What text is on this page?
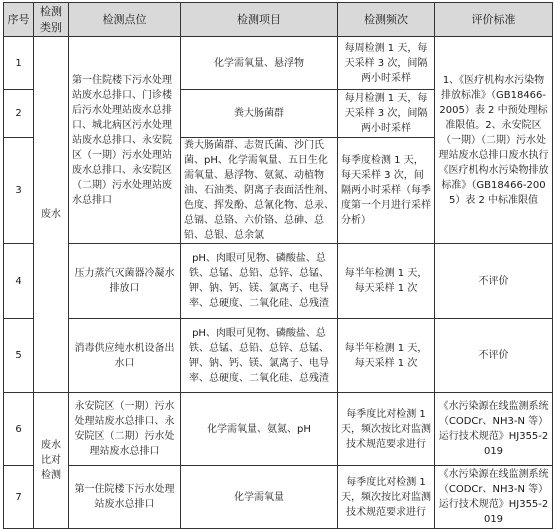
序号	检测类别	检测点位	检测项目	检测频次	评价标准
1	废水	第一住院楼下污水处理站废水总排口、门诊楼后污水处理站废水总排口、城北病区污水处理站废水总排口、永安院区（一期）污水处理站废水总排口、永安院区（二期）污水处理站废水总排口	化学需氧量、悬浮物	每周检测 1 天，每天采样 3 次，间隔两小时采样	1、《医疗机构水污染物排放标准》（GB18466-2005）表 2 中预处理标准限值。2、永安院区（一期）（二期）污水处理站废水总排口废水执行《医疗机构水污染物排放标准》（GB18466-2005）表 2 中标准限值
2			粪大肠菌群	每月检测 1 天，每天采样 3 次，间隔两小时采样	
3			粪大肠菌群、志贺氏菌、沙门氏菌、pH、化学需氧量、五日生化需氧量、悬浮物、氨氮、动植物油、石油类、阴离子表面活性剂、色度、挥发酚、总氰化物、总汞、总镉、总铬、六价铬、总砷、总铅、总银、总余氯	每季度检测 1 天，每天采样 3 次，间隔两小时采样（每季度第一个月进行采样分析）	
4		压力蒸汽灭菌器冷凝水排放口	pH、肉眼可见物、磷酸盐、总铁、总锰、总铅、总锌、总锰、钾、钠、钙、镁、氯离子、电导率、总硬度、二氧化硅、总残渣	每半年检测 1 天，每天采样 1 次	不评价
5		消毒供应纯水机设备出水口	pH、肉眼可见物、磷酸盐、总铁、总锰、总铅、总锌、总锰、钾、钠、钙、镁、氯离子、电导率、总硬度、二氧化硅、总残渣	每半年检测 1 天，每天采样 1 次	不评价
6	废水比对检测	永安院区（一期）污水处理站废水总排口、永安院区（二期）污水处理站废水总排口	化学需氧量、氨氮、pH	每季度比对检测 1 天，频次按比对监测技术规范要求进行	《水污染源在线监测系统（CODCr、NH3-N 等）运行技术规范》HJ355-2019
7		第一住院楼下污水处理站废水总排口	化学需氧量	每季度比对检测 1 天，频次按比对监测技术规范要求进行	《水污染源在线监测系统（CODCr、NH3-N 等）运行技术规范》HJ355-2019
